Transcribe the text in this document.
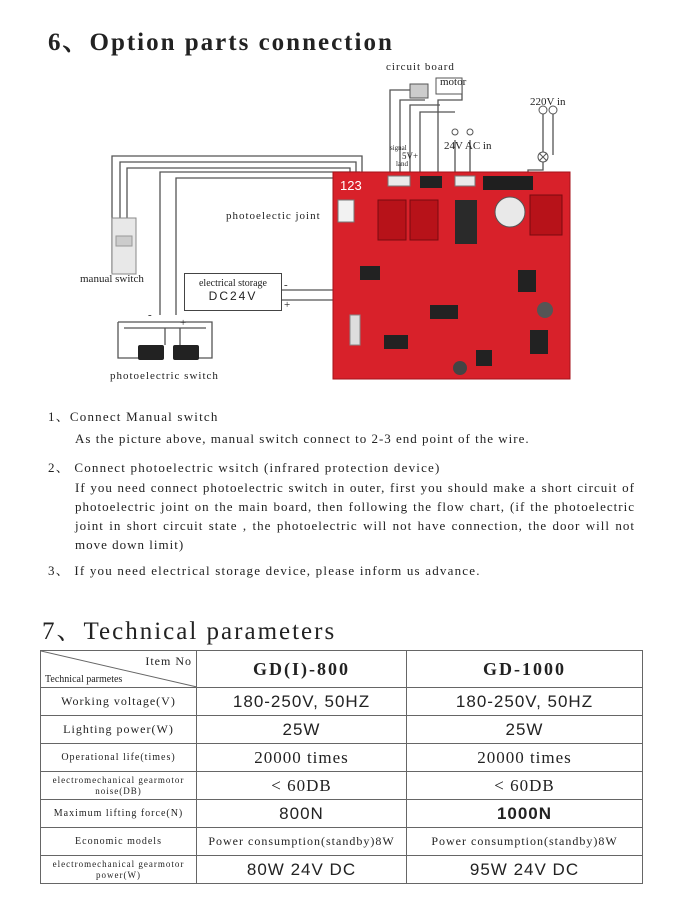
6、Option parts connection
123
circuit board
motor
220V in
24V AC in
signal
5V+
land
photoelectic joint
manual switch	electrical storage
DC24V
-
+
-
+
photoelectric switch
1、Connect Manual switch
As the picture above, manual switch connect to 2-3 end point of the wire.
2、 Connect photoelectric wsitch (infrared protection device)
If you need connect photoelectric switch in outer, first you should make a short circuit of photoelectric joint on the main board, then following the flow chart, (if the photoelectric joint in short circuit state , the photoelectric will not have connection, the door will not move down limit)
3、 If you need electrical storage device, please inform us advance.
7、Technical parameters
Item No
Technical parmetes	GD(I)-800	GD-1000
Working voltage(V)	180-250V, 50HZ	180-250V, 50HZ
Lighting power(W)	25W	25W
Operational life(times)	20000 times	20000 times
electromechanical gearmotor noise(DB)	< 60DB	< 60DB
Maximum lifting force(N)	800N	1000N
Economic models	Power consumption(standby)8W	Power consumption(standby)8W
electromechanical gearmotor power(W)	80W 24V DC	95W 24V DC
